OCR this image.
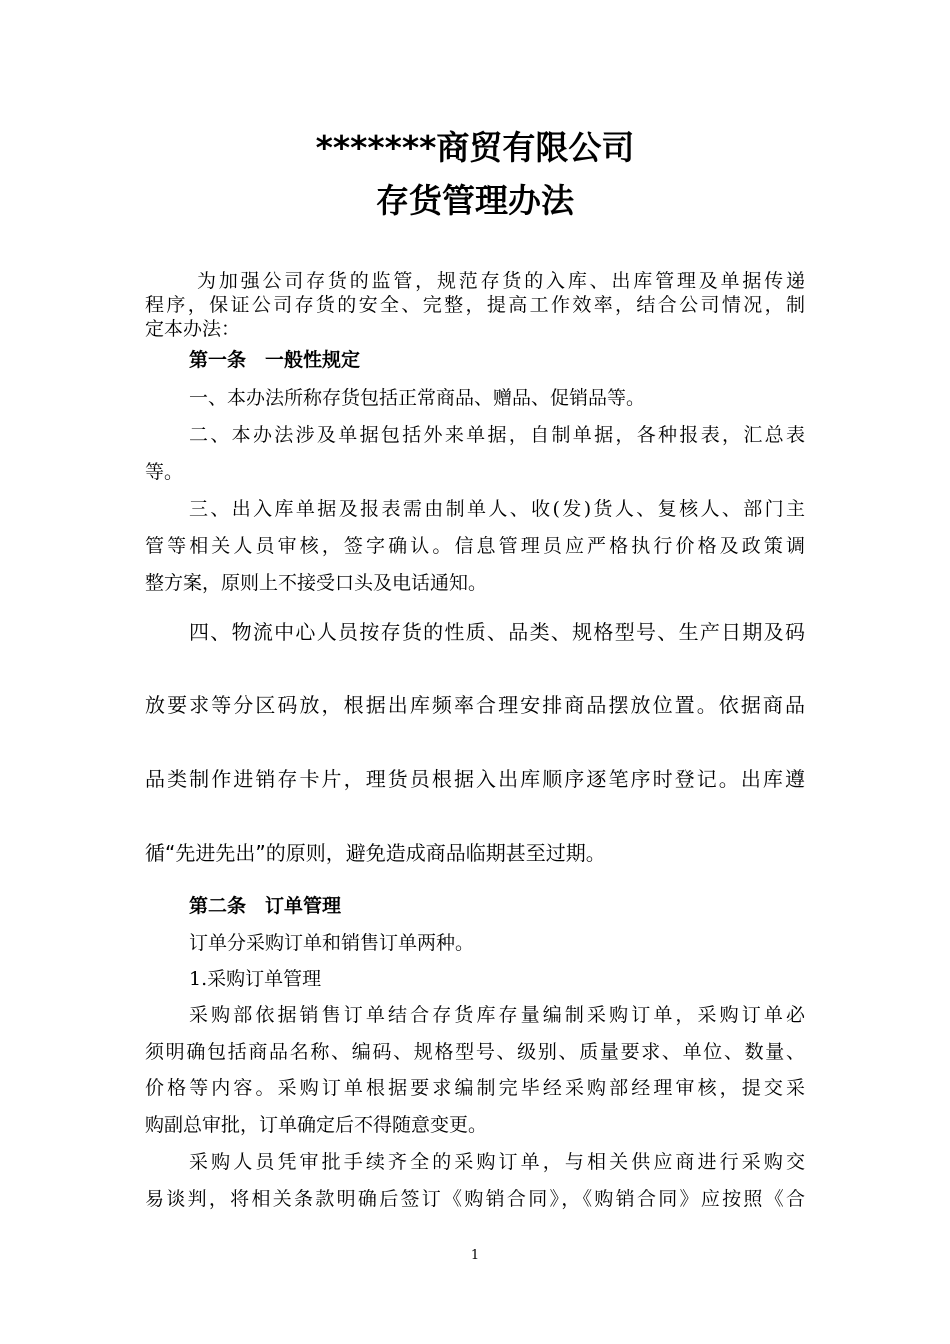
*******商贸有限公司
存货管理办法
为加强公司存货的监管，规范存货的入库、出库管理及单据传递
程序，保证公司存货的安全、完整，提高工作效率，结合公司情况，制
定本办法：
第一条　一般性规定
一、本办法所称存货包括正常商品、赠品、促销品等。
二、本办法涉及单据包括外来单据，自制单据，各种报表，汇总表
等。
三、出入库单据及报表需由制单人、收(发)货人、复核人、部门主
管等相关人员审核，签字确认。信息管理员应严格执行价格及政策调
整方案，原则上不接受口头及电话通知。
四、物流中心人员按存货的性质、品类、规格型号、生产日期及码
放要求等分区码放，根据出库频率合理安排商品摆放位置。依据商品
品类制作进销存卡片，理货员根据入出库顺序逐笔序时登记。出库遵
循“先进先出”的原则，避免造成商品临期甚至过期。
第二条　订单管理
订单分采购订单和销售订单两种。
1.采购订单管理
采购部依据销售订单结合存货库存量编制采购订单，采购订单必
须明确包括商品名称、编码、规格型号、级别、质量要求、单位、数量、
价格等内容。采购订单根据要求编制完毕经采购部经理审核，提交采
购副总审批，订单确定后不得随意变更。
采购人员凭审批手续齐全的采购订单，与相关供应商进行采购交
易谈判，将相关条款明确后签订《购销合同》，《购销合同》应按照《合
1
